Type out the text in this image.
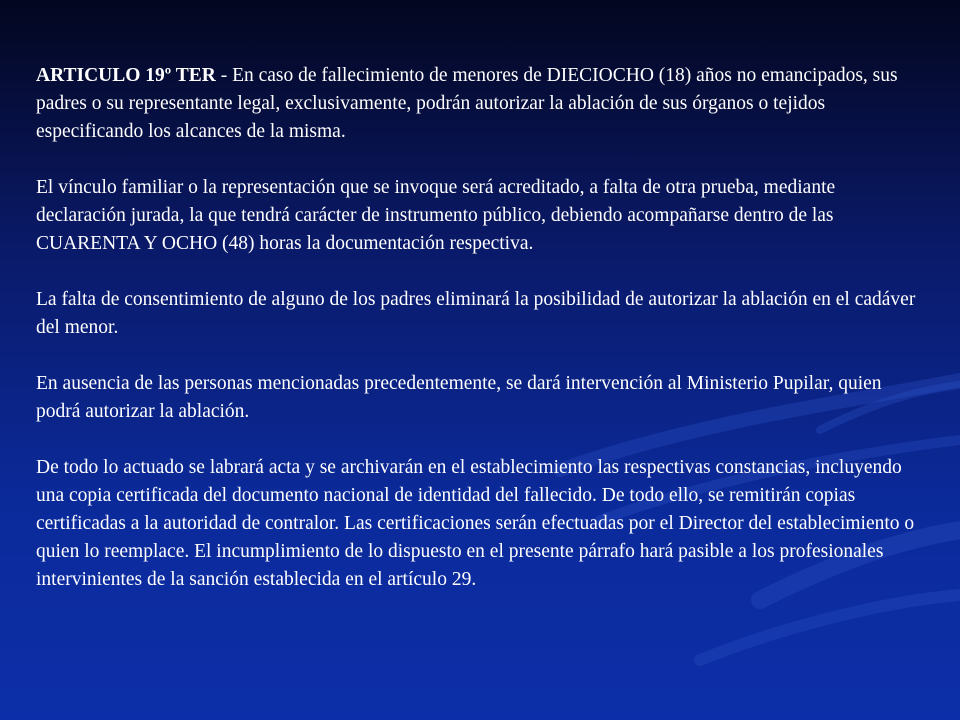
ARTICULO 19º TER - En caso de fallecimiento de menores de DIECIOCHO (18) años no emancipados, sus padres o su representante legal, exclusivamente, podrán autorizar la ablación de sus órganos o tejidos especificando los alcances de la misma.

El vínculo familiar o la representación que se invoque será acreditado, a falta de otra prueba, mediante declaración jurada, la que tendrá carácter de instrumento público, debiendo acompañarse dentro de las CUARENTA Y OCHO (48) horas la documentación respectiva.

La falta de consentimiento de alguno de los padres eliminará la posibilidad de autorizar la ablación en el cadáver del menor.

En ausencia de las personas mencionadas precedentemente, se dará intervención al Ministerio Pupilar, quien podrá autorizar la ablación.

De todo lo actuado se labrará acta y se archivarán en el establecimiento las respectivas constancias, incluyendo una copia certificada del documento nacional de identidad del fallecido. De todo ello, se remitirán copias certificadas a la autoridad de contralor. Las certificaciones serán efectuadas por el Director del establecimiento o quien lo reemplace. El incumplimiento de lo dispuesto en el presente párrafo hará pasible a los profesionales intervinientes de la sanción establecida en el artículo 29.
